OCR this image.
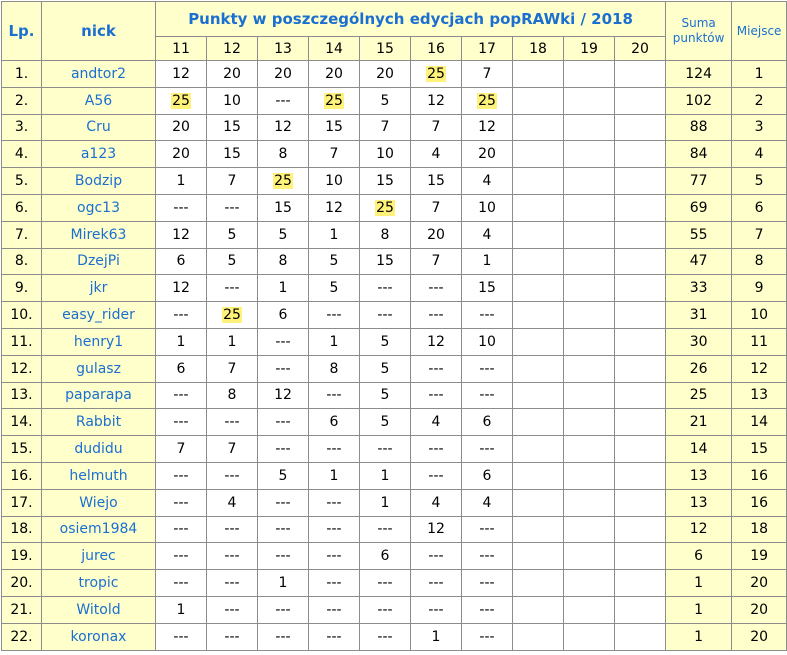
Lp.	nick	Punkty w poszczególnych edycjach popRAWki / 2018										Suma punktów	Miejsce
		11	12	13	14	15	16	17	18	19	20		
1.	andtor2	12	20	20	20	20	25	7				124	1
2.	A56	25	10	---	25	5	12	25				102	2
3.	Cru	20	15	12	15	7	7	12				88	3
4.	a123	20	15	8	7	10	4	20				84	4
5.	Bodzip	1	7	25	10	15	15	4				77	5
6.	ogc13	---	---	15	12	25	7	10				69	6
7.	Mirek63	12	5	5	1	8	20	4				55	7
8.	DzejPi	6	5	8	5	15	7	1				47	8
9.	jkr	12	---	1	5	---	---	15				33	9
10.	easy_rider	---	25	6	---	---	---	---				31	10
11.	henry1	1	1	---	1	5	12	10				30	11
12.	gulasz	6	7	---	8	5	---	---				26	12
13.	paparapa	---	8	12	---	5	---	---				25	13
14.	Rabbit	---	---	---	6	5	4	6				21	14
15.	dudidu	7	7	---	---	---	---	---				14	15
16.	helmuth	---	---	5	1	1	---	6				13	16
17.	Wiejo	---	4	---	---	1	4	4				13	16
18.	osiem1984	---	---	---	---	---	12	---				12	18
19.	jurec	---	---	---	---	6	---	---				6	19
20.	tropic	---	---	1	---	---	---	---				1	20
21.	Witold	1	---	---	---	---	---	---				1	20
22.	koronax	---	---	---	---	---	1	---				1	20
